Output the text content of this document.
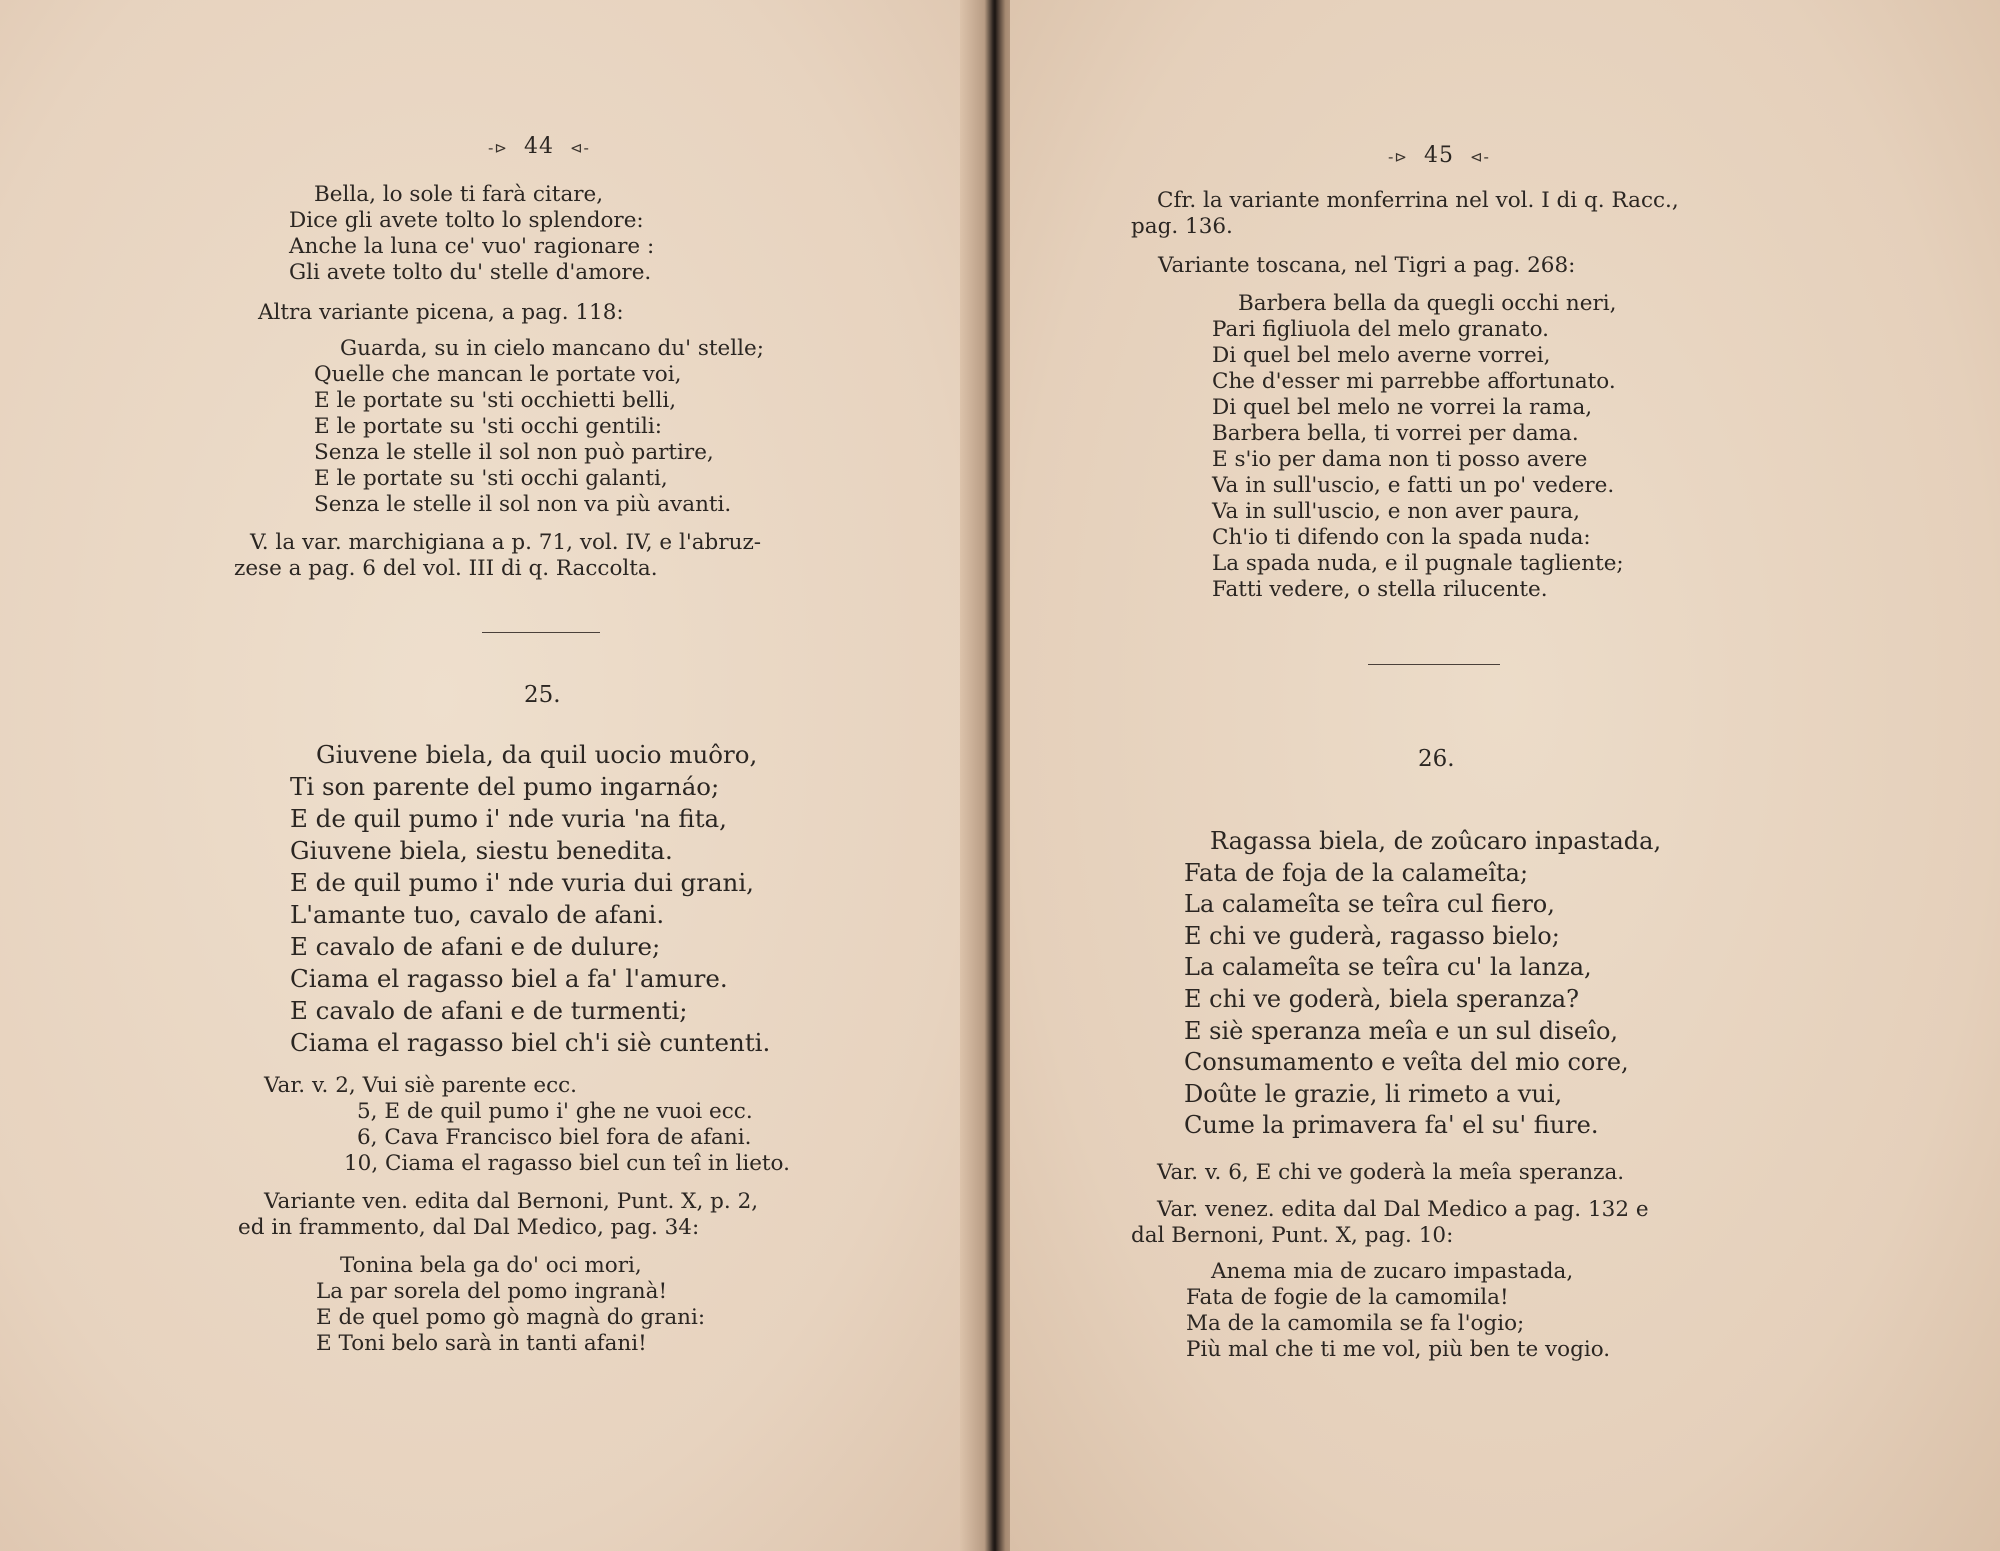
-⊳ 44 ⊲-
Bella, lo sole ti farà citare,
Dice gli avete tolto lo splendore:
Anche la luna ce' vuo' ragionare :
Gli avete tolto du' stelle d'amore.
Altra variante picena, a pag. 118:
Guarda, su in cielo mancano du' stelle;
Quelle che mancan le portate voi,
E le portate su 'sti occhietti belli,
E le portate su 'sti occhi gentili:
Senza le stelle il sol non può partire,
E le portate su 'sti occhi galanti,
Senza le stelle il sol non va più avanti.
V. la var. marchigiana a p. 71, vol. IV, e l'abruz-
zese a pag. 6 del vol. III di q. Raccolta.
25.
Giuvene biela, da quil uocio muôro,
Ti son parente del pumo ingarnáo;
E de quil pumo i' nde vuria 'na fita,
Giuvene biela, siestu benedita.
E de quil pumo i' nde vuria dui grani,
L'amante tuo, cavalo de afani.
E cavalo de afani e de dulure;
Ciama el ragasso biel a fa' l'amure.
E cavalo de afani e de turmenti;
Ciama el ragasso biel ch'i siè cuntenti.
Var. v. 2, Vui siè parente ecc.
5, E de quil pumo i' ghe ne vuoi ecc.
6, Cava Francisco biel fora de afani.
10, Ciama el ragasso biel cun teî in lieto.
Variante ven. edita dal Bernoni, Punt. X, p. 2,
ed in frammento, dal Dal Medico, pag. 34:
Tonina bela ga do' oci mori,
La par sorela del pomo ingranà!
E de quel pomo gò magnà do grani:
E Toni belo sarà in tanti afani!
-⊳ 45 ⊲-
Cfr. la variante monferrina nel vol. I di q. Racc.,
pag. 136.
Variante toscana, nel Tigri a pag. 268:
Barbera bella da quegli occhi neri,
Pari figliuola del melo granato.
Di quel bel melo averne vorrei,
Che d'esser mi parrebbe affortunato.
Di quel bel melo ne vorrei la rama,
Barbera bella, ti vorrei per dama.
E s'io per dama non ti posso avere
Va in sull'uscio, e fatti un po' vedere.
Va in sull'uscio, e non aver paura,
Ch'io ti difendo con la spada nuda:
La spada nuda, e il pugnale tagliente;
Fatti vedere, o stella rilucente.
26.
Ragassa biela, de zoûcaro inpastada,
Fata de foja de la calameîta;
La calameîta se teîra cul fiero,
E chi ve guderà, ragasso bielo;
La calameîta se teîra cu' la lanza,
E chi ve goderà, biela speranza?
E siè speranza meîa e un sul diseîo,
Consumamento e veîta del mio core,
Doûte le grazie, li rimeto a vui,
Cume la primavera fa' el su' fiure.
Var. v. 6, E chi ve goderà la meîa speranza.
Var. venez. edita dal Dal Medico a pag. 132 e
dal Bernoni, Punt. X, pag. 10:
Anema mia de zucaro impastada,
Fata de fogie de la camomila!
Ma de la camomila se fa l'ogio;
Più mal che ti me vol, più ben te vogio.
